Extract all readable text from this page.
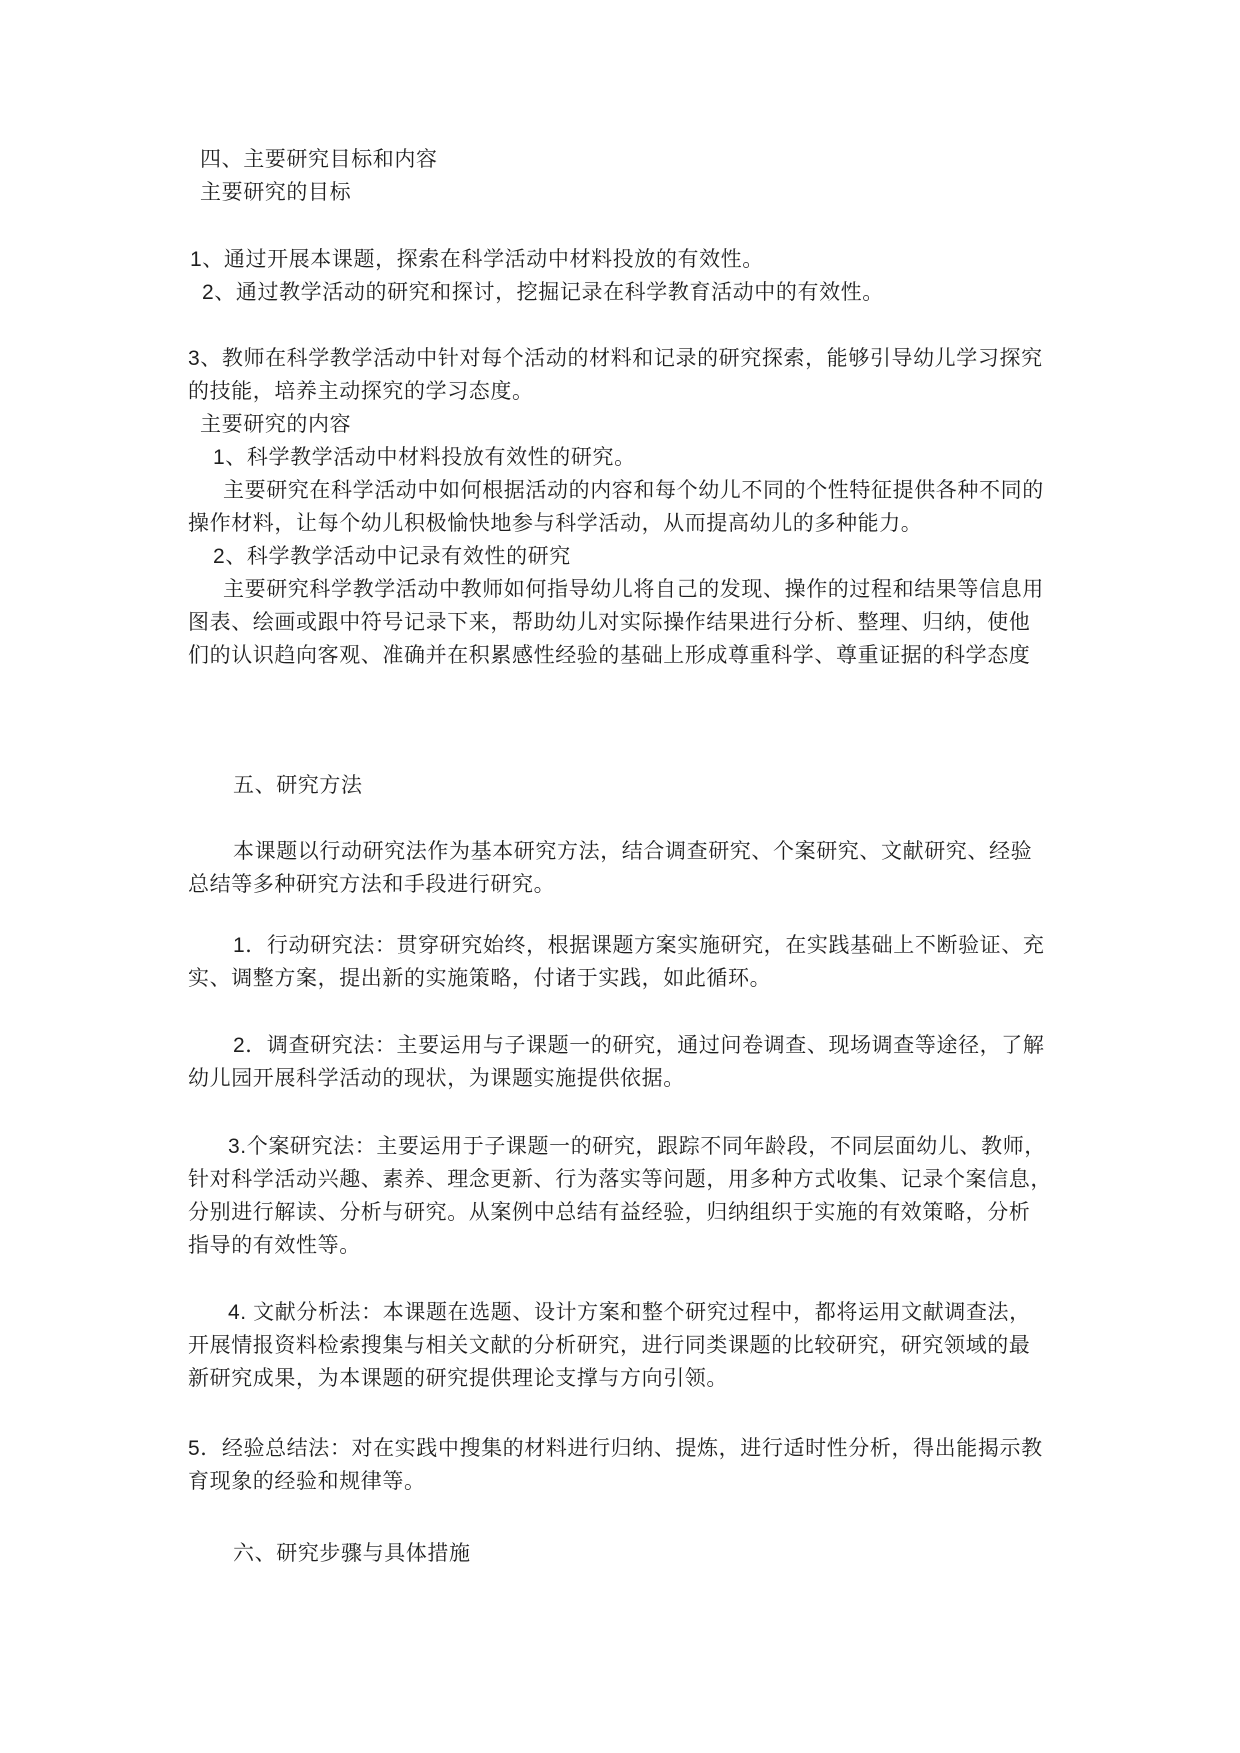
四、主要研究目标和内容
主要研究的目标
1、通过开展本课题，探索在科学活动中材料投放的有效性。
2、通过教学活动的研究和探讨，挖掘记录在科学教育活动中的有效性。
3、教师在科学教学活动中针对每个活动的材料和记录的研究探索，能够引导幼儿学习探究
的技能，培养主动探究的学习态度。
主要研究的内容
1、科学教学活动中材料投放有效性的研究。
主要研究在科学活动中如何根据活动的内容和每个幼儿不同的个性特征提供各种不同的
操作材料，让每个幼儿积极愉快地参与科学活动，从而提高幼儿的多种能力。
2、科学教学活动中记录有效性的研究
主要研究科学教学活动中教师如何指导幼儿将自己的发现、操作的过程和结果等信息用
图表、绘画或跟中符号记录下来，帮助幼儿对实际操作结果进行分析、整理、归纳，使他
们的认识趋向客观、准确并在积累感性经验的基础上形成尊重科学、尊重证据的科学态度
五、研究方法
本课题以行动研究法作为基本研究方法，结合调查研究、个案研究、文献研究、经验
总结等多种研究方法和手段进行研究。
1．行动研究法：贯穿研究始终，根据课题方案实施研究，在实践基础上不断验证、充
实、调整方案，提出新的实施策略，付诸于实践，如此循环。
2．调查研究法：主要运用与子课题一的研究，通过问卷调查、现场调查等途径，了解
幼儿园开展科学活动的现状，为课题实施提供依据。
3.个案研究法：主要运用于子课题一的研究，跟踪不同年龄段，不同层面幼儿、教师，
针对科学活动兴趣、素养、理念更新、行为落实等问题，用多种方式收集、记录个案信息，
分别进行解读、分析与研究。从案例中总结有益经验，归纳组织于实施的有效策略，分析
指导的有效性等。
4. 文献分析法：本课题在选题、设计方案和整个研究过程中，都将运用文献调查法，
开展情报资料检索搜集与相关文献的分析研究，进行同类课题的比较研究，研究领域的最
新研究成果，为本课题的研究提供理论支撑与方向引领。
5．经验总结法：对在实践中搜集的材料进行归纳、提炼，进行适时性分析，得出能揭示教
育现象的经验和规律等。
六、研究步骤与具体措施
